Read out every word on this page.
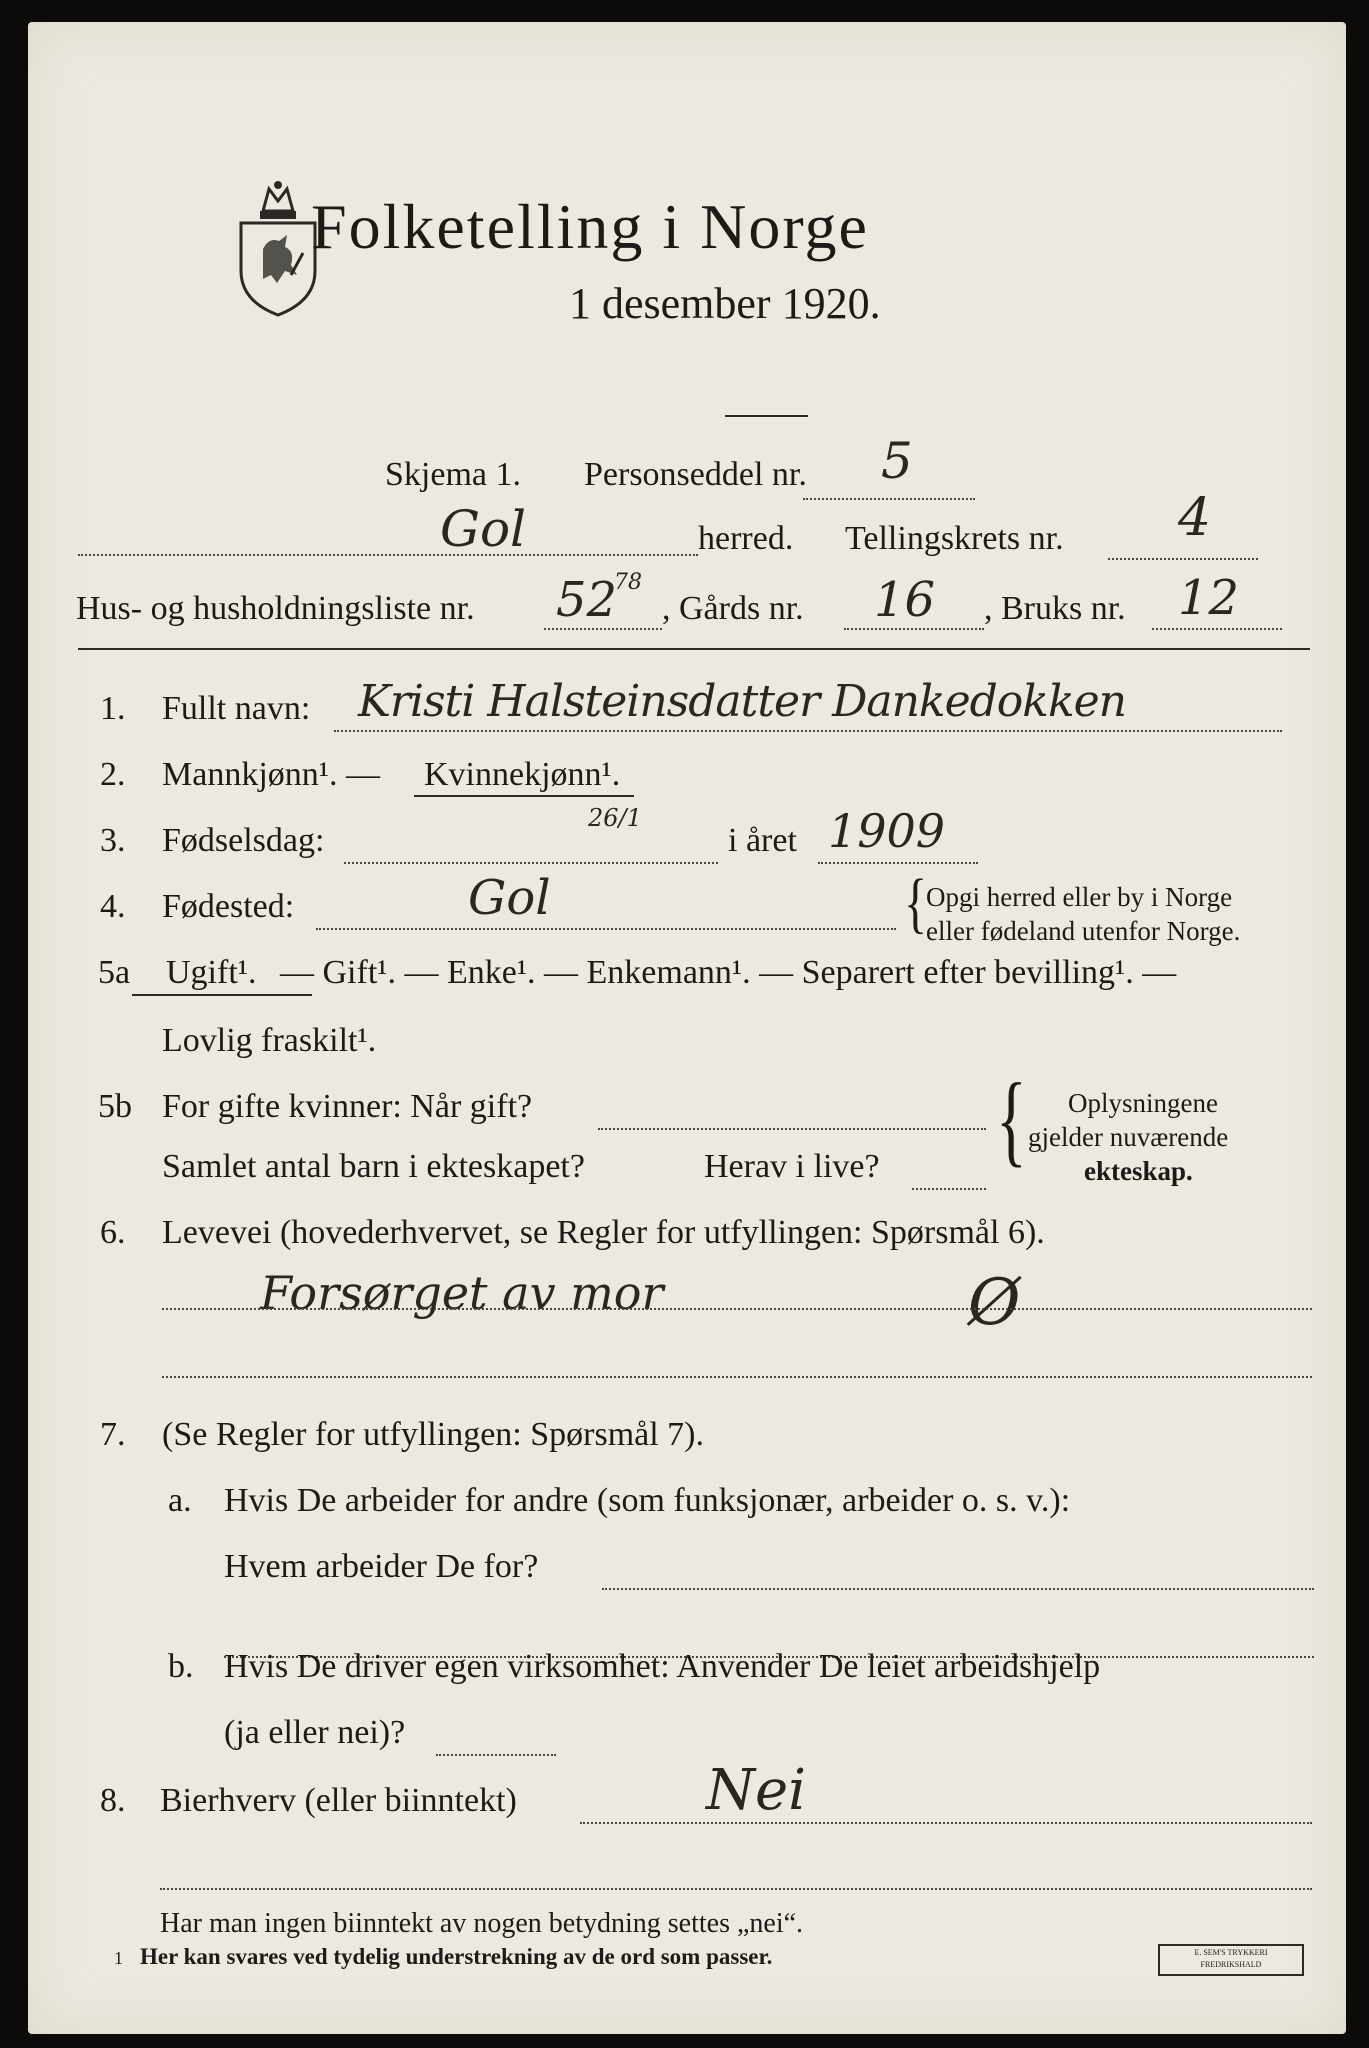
Folketelling i Norge
1 desember 1920.
Skjema 1. Personseddel nr. 5
Gol	herred. Tellingskrets nr. 4
Hus- og husholdningsliste nr. 52
78
, Gårds nr. 16 , Bruks nr. 12
1. Fullt navn: Kristi Halsteinsdatter Dankedokken
2. Mannkjønn¹. — Kvinnekjønn¹.
3. Fødselsdag:
26/1
i året 1909
4. Fødested:	Gol	{
Opgi herred eller by i Norge
eller fødeland utenfor Norge.
5a Ugift¹. — Gift¹. — Enke¹. — Enkemann¹. — Separert efter bevilling¹. —
Lovlig fraskilt¹.
5b For gifte kvinner: Når gift?
Samlet antal barn i ekteskapet?	Herav i live? { Oplysningene
gjelder nuværende
ekteskap.
6. Levevei (hovederhvervet, se Regler for utfyllingen: Spørsmål 6).
Forsørget av mor	Ø
7. (Se Regler for utfyllingen: Spørsmål 7).
a. Hvis De arbeider for andre (som funksjonær, arbeider o. s. v.):
Hvem arbeider De for?
b. Hvis De driver egen virksomhet: Anvender De leiet arbeidshjelp
(ja eller nei)?
8. Bierhverv (eller biinntekt)	Nei
Har man ingen biinntekt av nogen betydning settes „nei“.
1 Her kan svares ved tydelig understrekning av de ord som passer.	E. SEM'S TRYKKERI
FREDRIKSHALD
